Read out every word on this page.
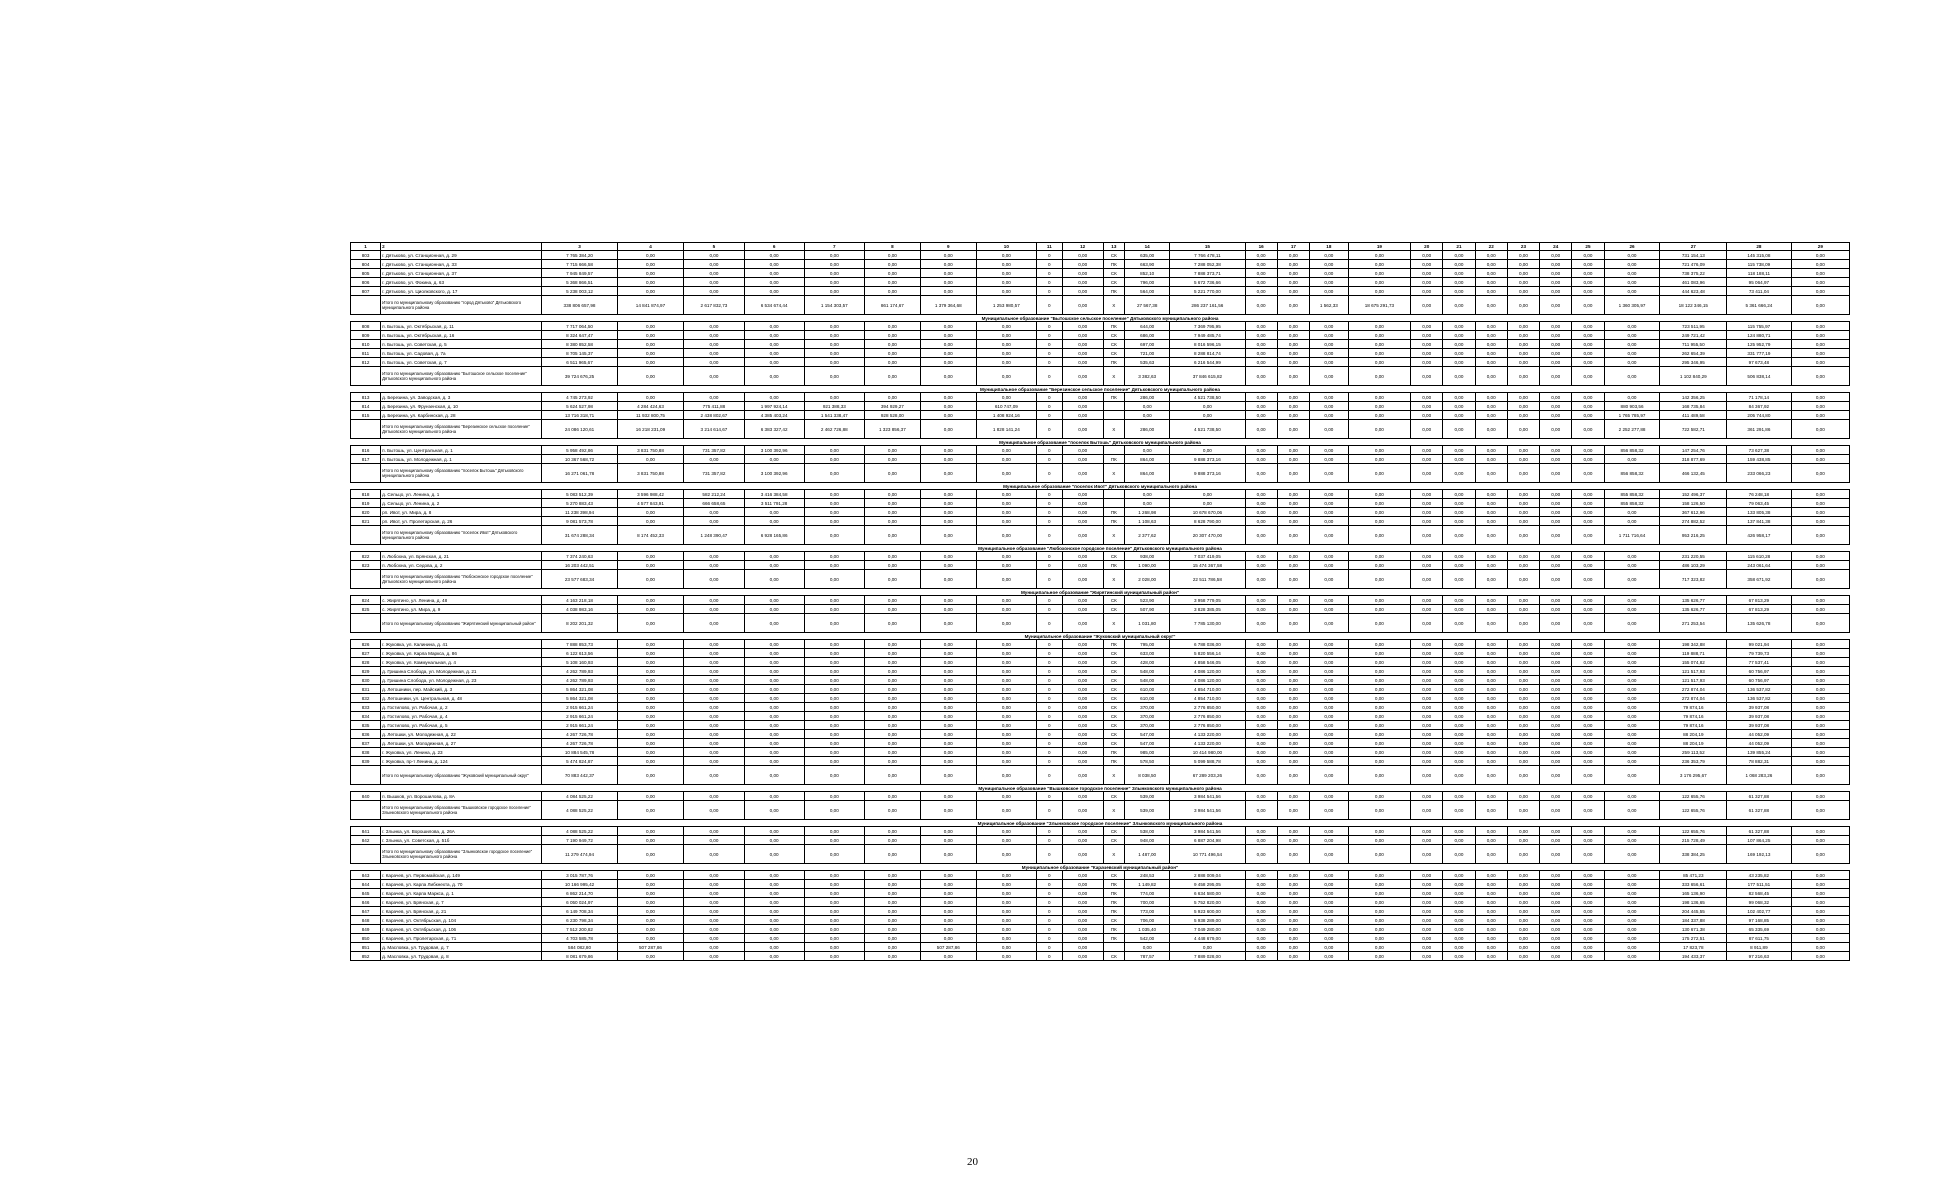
1	2	3	4	5	6	7	8	9	10	11	12	13	14	15	16	17	18	19	20	21	22	23	24	25	26	27	28	29
803	г. Дятьково, ул. Станционная, д. 29	7 765 384,20	0,00	0,00	0,00	0,00	0,00	0,00	0,00	0	0,00	СК	635,00	7 766 478,11	0,00	0,00	0,00	0,00	0,00	0,00	0,00	0,00	0,00	0,00	0,00	731 154,13	145 315,08	0,00
804	г. Дятьково, ул. Станционная, д. 33	7 715 666,58	0,00	0,00	0,00	0,00	0,00	0,00	0,00	0	0,00	ПК	663,90	7 288 052,38	0,00	0,00	0,00	0,00	0,00	0,00	0,00	0,00	0,00	0,00	0,00	721 476,09	115 738,09	0,00
805	г. Дятьково, ул. Станционная, д. 37	7 945 849,57	0,00	0,00	0,00	0,00	0,00	0,00	0,00	0	0,00	СК	852,10	7 888 373,71	0,00	0,00	0,00	0,00	0,00	0,00	0,00	0,00	0,00	0,00	0,00	738 375,22	118 188,11	0,00
806	г. Дятьково, ул. Фокина, д. 63	5 368 866,51	0,00	0,00	0,00	0,00	0,00	0,00	0,00	0	0,00	СК	796,00	5 672 736,66	0,00	0,00	0,00	0,00	0,00	0,00	0,00	0,00	0,00	0,00	0,00	461 083,96	95 064,97	0,00
807	г. Дятьково, ул. Циолковского, д. 17	5 238 003,12	0,00	0,00	0,00	0,00	0,00	0,00	0,00	0	0,00	ПК	564,00	5 221 770,00	0,00	0,00	0,00	0,00	0,00	0,00	0,00	0,00	0,00	0,00	0,00	444 623,48	73 411,04	0,00
	Итого по муниципальному образованию "город Дятьково" Дятьковского муниципального района	338 806 657,98	14 841 874,97	2 617 832,73	6 534 674,44	1 154 303,57	861 174,67	1 379 364,68	1 253 980,57	0	0,00	Х	27 567,38	286 237 161,56	0,00	0,00	1 562,33	18 675 291,73	0,00	0,00	0,00	0,00	0,00	0,00	1 360 305,97	18 122 346,15	5 361 666,24	0,00
Муниципальное образование "Бытошское сельское поселение" Дятьковского муниципального района																												
808	п. Бытошь, ул. Октябрьская, д. 11	7 717 064,50	0,00	0,00	0,00	0,00	0,00	0,00	0,00	0	0,00	ПК	644,00	7 369 795,95	0,00	0,00	0,00	0,00	0,00	0,00	0,00	0,00	0,00	0,00	0,00	723 511,95	115 755,97	0,00
809	п. Бытошь, ул. Октябрьская, д. 16	8 324 647,47	0,00	0,00	0,00	0,00	0,00	0,00	0,00	0	0,00	СК	686,00	7 949 485,74	0,00	0,00	0,00	0,00	0,00	0,00	0,00	0,00	0,00	0,00	0,00	249 721,42	124 880,71	0,00
810	п. Бытошь, ул. Советская, д. 5	8 380 852,58	0,00	0,00	0,00	0,00	0,00	0,00	0,00	0	0,00	СК	697,00	8 016 596,15	0,00	0,00	0,00	0,00	0,00	0,00	0,00	0,00	0,00	0,00	0,00	711 955,50	125 952,79	0,00
811	п. Бытошь, ул. Садовая, д. 7а	8 705 145,37	0,00	0,00	0,00	0,00	0,00	0,00	0,00	0	0,00	СК	721,00	8 288 814,74	0,00	0,00	0,00	0,00	0,00	0,00	0,00	0,00	0,00	0,00	0,00	262 654,39	331 777,19	0,00
812	п. Бытошь, ул. Советская, д. 7	6 511 965,67	0,00	0,00	0,00	0,00	0,00	0,00	0,00	0	0,00	ПК	535,63	6 216 544,99	0,00	0,00	0,00	0,00	0,00	0,00	0,00	0,00	0,00	0,00	0,00	295 346,95	97 673,48	0,00
	Итого по муниципальному образованию "Бытошское сельское поселение" Дятьковского муниципального района	39 724 676,25	0,00	0,00	0,00	0,00	0,00	0,00	0,00	0	0,00	Х	3 382,63	37 846 615,82	0,00	0,00	0,00	0,00	0,00	0,00	0,00	0,00	0,00	0,00	0,00	1 102 840,29	506 838,14	0,00
Муниципальное образование "Березинское сельское поселение" Дятьковского муниципального района																												
813	д. Березина, ул. Заводская, д. 3	4 745 273,92	0,00	0,00	0,00	0,00	0,00	0,00	0,00	0	0,00	ПК	286,00	4 521 738,50	0,00	0,00	0,00	0,00	0,00	0,00	0,00	0,00	0,00	0,00	0,00	142 356,25	71 178,14	0,00
814	д. Березина, ул. Фрунзенская, д. 10	5 624 527,98	4 284 424,63	775 411,88	1 997 924,14	921 388,33	394 929,27	0,00	610 747,09	0	0,00		0,00	0,00	0,00	0,00	0,00	0,00	0,00	0,00	0,00	0,00	0,00	0,00	880 903,56	168 735,84	84 367,92	0,00
815	д. Березина, ул. Карбинская, д. 28	13 716 318,71	11 932 800,75	2 438 802,67	4 385 403,24	1 541 338,47	928 528,00	0,00	1 408 924,16	0	0,00		0,00	0,00	0,00	0,00	0,00	0,00	0,00	0,00	0,00	0,00	0,00	0,00	1 765 785,97	411 489,58	205 744,80	0,00
	Итого по муниципальному образованию "Березинское сельское поселение" Дятьковского муниципального района	24 086 120,61	16 218 231,09	3 214 614,67	6 383 327,42	2 462 726,88	1 323 856,37	0,00	1 828 141,24	0	0,00	Х	286,00	4 521 738,50	0,00	0,00	0,00	0,00	0,00	0,00	0,00	0,00	0,00	0,00	2 252 277,88	722 582,71	361 291,86	0,00
Муниципальное образование "поселок Бытошь" Дятьковского муниципального района																												
816	п. Бытошь, ул. Центральная, д. 1	5 958 492,86	3 831 750,88	731 357,82	3 100 392,96	0,00	0,00	0,00	0,00	0	0,00		0,00	0,00	0,00	0,00	0,00	0,00	0,00	0,00	0,00	0,00	0,00	0,00	856 858,32	147 254,76	73 627,38	0,00
817	п. Бытошь, ул. Молодежная, д. 1	10 367 568,72	0,00	0,00	0,00	0,00	0,00	0,00	0,00	0	0,00	ПК	864,00	9 888 373,16	0,00	0,00	0,00	0,00	0,00	0,00	0,00	0,00	0,00	0,00	0,00	318 877,69	159 438,85	0,00
	Итого по муниципальному образованию "поселок Бытошь" Дятьковского муниципального района	16 271 061,78	3 831 750,88	731 357,82	3 100 392,96	0,00	0,00	0,00	0,00	0	0,00	Х	864,00	9 888 373,16	0,00	0,00	0,00	0,00	0,00	0,00	0,00	0,00	0,00	0,00	856 858,32	466 132,45	233 066,23	0,00
Муниципальное образование "поселок Ивот" Дятьковского муниципального района																												
818	д. Сельцо, ул. Ленина, д. 1	5 083 512,39	3 596 988,42	582 212,24	3 416 384,58	0,00	0,00	0,00	0,00	0	0,00		0,00	0,00	0,00	0,00	0,00	0,00	0,00	0,00	0,00	0,00	0,00	0,00	855 858,32	152 496,37	76 248,18	0,00
819	д. Сельцо, ул. Ленина, д. 2	5 270 883,43	4 577 843,91	666 658,65	3 511 791,28	0,00	0,00	0,00	0,00	0	0,00		0,00	0,00	0,00	0,00	0,00	0,00	0,00	0,00	0,00	0,00	0,00	0,00	855 858,32	158 126,50	79 063,45	0,00
820	рп. Ивот, ул. Мира, д. 8	11 238 398,94	0,00	0,00	0,00	0,00	0,00	0,00	0,00	0	0,00	ПК	1 268,98	10 678 670,06	0,00	0,00	0,00	0,00	0,00	0,00	0,00	0,00	0,00	0,00	0,00	367 612,96	133 805,38	0,00
821	рп. Ивот, ул. Пролетарская, д. 26	9 081 573,78	0,00	0,00	0,00	0,00	0,00	0,00	0,00	0	0,00	ПК	1 108,63	8 628 790,00	0,00	0,00	0,00	0,00	0,00	0,00	0,00	0,00	0,00	0,00	0,00	274 882,52	137 841,38	0,00
	Итого по муниципальному образованию "поселок Ивот" Дятьковского муниципального района	31 674 288,34	8 174 452,33	1 248 390,47	6 928 165,86	0,00	0,00	0,00	0,00	0	0,00	Х	2 377,62	20 307 470,00	0,00	0,00	0,00	0,00	0,00	0,00	0,00	0,00	0,00	0,00	1 711 716,64	953 216,25	426 958,17	0,00
Муниципальное образование "Любохонское городское поселение" Дятьковского муниципального района																												
822	п. Любохна, ул. Брянская, д. 21	7 374 240,63	0,00	0,00	0,00	0,00	0,00	0,00	0,00	0	0,00	СК	938,00	7 037 419,05	0,00	0,00	0,00	0,00	0,00	0,00	0,00	0,00	0,00	0,00	0,00	231 220,55	115 610,28	0,00
823	п. Любохна, ул. Седова, д. 2	16 203 442,51	0,00	0,00	0,00	0,00	0,00	0,00	0,00	0	0,00	ПК	1 090,00	15 474 367,58	0,00	0,00	0,00	0,00	0,00	0,00	0,00	0,00	0,00	0,00	0,00	486 103,29	243 061,64	0,00
	Итого по муниципальному образованию "Любохонское городское поселение" Дятьковского муниципального района	23 577 683,34	0,00	0,00	0,00	0,00	0,00	0,00	0,00	0	0,00	Х	2 028,00	22 511 786,58	0,00	0,00	0,00	0,00	0,00	0,00	0,00	0,00	0,00	0,00	0,00	717 323,82	358 671,92	0,00
Муниципальное образование "Жирятинский муниципальный район"																												
824	с. Жирятино, ул. Ленина, д. 48	4 163 218,18	0,00	0,00	0,00	0,00	0,00	0,00	0,00	0	0,00	СК	523,90	3 958 779,05	0,00	0,00	0,00	0,00	0,00	0,00	0,00	0,00	0,00	0,00	0,00	135 626,77	67 813,29	0,00
825	с. Жирятино, ул. Мира, д. 9	4 038 983,16	0,00	0,00	0,00	0,00	0,00	0,00	0,00	0	0,00	СК	507,90	3 828 385,05	0,00	0,00	0,00	0,00	0,00	0,00	0,00	0,00	0,00	0,00	0,00	135 626,77	67 813,29	0,00
	Итого по муниципальному образованию "Жирятинский муниципальный район"	8 202 201,32	0,00	0,00	0,00	0,00	0,00	0,00	0,00	0	0,00	Х	1 031,80	7 785 130,00	0,00	0,00	0,00	0,00	0,00	0,00	0,00	0,00	0,00	0,00	0,00	271 253,54	135 626,78	0,00
Муниципальное образование "Жуковский муниципальный округ"																												
826	г. Жуковка, ул. Калинина, д. 41	7 888 853,73	0,00	0,00	0,00	0,00	0,00	0,00	0,00	0	0,00	ПК	795,00	6 788 036,00	0,00	0,00	0,00	0,00	0,00	0,00	0,00	0,00	0,00	0,00	0,00	198 342,88	99 021,94	0,00
827	г. Жуковка, ул. Карла Маркса, д. 86	6 122 613,56	0,00	0,00	0,00	0,00	0,00	0,00	0,00	0	0,00	СК	633,00	5 820 556,14	0,00	0,00	0,00	0,00	0,00	0,00	0,00	0,00	0,00	0,00	0,00	119 888,71	79 739,73	0,00
828	г. Жуковка, ул. Коммунальная, д. 4	5 108 160,93	0,00	0,00	0,00	0,00	0,00	0,00	0,00	0	0,00	СК	428,00	4 858 546,05	0,00	0,00	0,00	0,00	0,00	0,00	0,00	0,00	0,00	0,00	0,00	155 074,82	77 537,41	0,00
829	д. Гришина Слобода, ул. Молодежная, д. 21	4 262 789,93	0,00	0,00	0,00	0,00	0,00	0,00	0,00	0	0,00	СК	548,00	4 086 120,00	0,00	0,00	0,00	0,00	0,00	0,00	0,00	0,00	0,00	0,00	0,00	121 517,93	60 756,97	0,00
830	д. Гришина Слобода, ул. Молодежная, д. 23	4 262 789,93	0,00	0,00	0,00	0,00	0,00	0,00	0,00	0	0,00	СК	548,00	4 086 120,00	0,00	0,00	0,00	0,00	0,00	0,00	0,00	0,00	0,00	0,00	0,00	121 517,93	60 756,97	0,00
831	д. Летошники, пер. Майский, д. 3	5 864 321,08	0,00	0,00	0,00	0,00	0,00	0,00	0,00	0	0,00	СК	610,00	4 854 710,00	0,00	0,00	0,00	0,00	0,00	0,00	0,00	0,00	0,00	0,00	0,00	272 874,04	136 537,82	0,00
832	д. Летошники, ул. Центральная, д. 48	5 864 321,08	0,00	0,00	0,00	0,00	0,00	0,00	0,00	0	0,00	СК	610,00	4 854 710,00	0,00	0,00	0,00	0,00	0,00	0,00	0,00	0,00	0,00	0,00	0,00	272 874,04	136 537,82	0,00
833	д. Гостилово, ул. Рабочая, д. 2	2 915 661,24	0,00	0,00	0,00	0,00	0,00	0,00	0,00	0	0,00	СК	370,00	2 776 850,00	0,00	0,00	0,00	0,00	0,00	0,00	0,00	0,00	0,00	0,00	0,00	79 874,16	39 937,08	0,00
834	д. Гостилово, ул. Рабочая, д. 4	2 915 661,24	0,00	0,00	0,00	0,00	0,00	0,00	0,00	0	0,00	СК	370,00	2 776 850,00	0,00	0,00	0,00	0,00	0,00	0,00	0,00	0,00	0,00	0,00	0,00	79 874,16	39 937,08	0,00
835	д. Гостилово, ул. Рабочая, д. 5	2 915 661,24	0,00	0,00	0,00	0,00	0,00	0,00	0,00	0	0,00	СК	370,00	2 776 850,00	0,00	0,00	0,00	0,00	0,00	0,00	0,00	0,00	0,00	0,00	0,00	79 874,16	39 937,08	0,00
836	д. Летошки, ул. Молодежная, д. 22	4 267 726,78	0,00	0,00	0,00	0,00	0,00	0,00	0,00	0	0,00	СК	547,00	4 133 220,00	0,00	0,00	0,00	0,00	0,00	0,00	0,00	0,00	0,00	0,00	0,00	88 204,19	44 052,09	0,00
837	д. Летошки, ул. Молодежная, д. 27	4 267 726,78	0,00	0,00	0,00	0,00	0,00	0,00	0,00	0	0,00	СК	547,00	4 133 220,00	0,00	0,00	0,00	0,00	0,00	0,00	0,00	0,00	0,00	0,00	0,00	88 204,19	44 052,09	0,00
838	г. Жуковка, ул. Ленина, д. 23	10 884 545,78	0,00	0,00	0,00	0,00	0,00	0,00	0,00	0	0,00	ПК	985,00	10 414 980,00	0,00	0,00	0,00	0,00	0,00	0,00	0,00	0,00	0,00	0,00	0,00	259 113,52	139 855,24	0,00
839	г. Жуковка, пр-т Ленина, д. 124	5 474 824,87	0,00	0,00	0,00	0,00	0,00	0,00	0,00	0	0,00	ПК	578,50	5 099 588,78	0,00	0,00	0,00	0,00	0,00	0,00	0,00	0,00	0,00	0,00	0,00	236 353,79	78 882,31	0,00
	Итого по муниципальному образованию "Жуковский муниципальный округ"	70 883 442,37	0,00	0,00	0,00	0,00	0,00	0,00	0,00	0	0,00	Х	8 038,50	67 289 203,26	0,00	0,00	0,00	0,00	0,00	0,00	0,00	0,00	0,00	0,00	0,00	3 176 295,67	1 068 283,26	0,00
Муниципальное образование "Вышковское городское поселение" Злынковского муниципального района																												
840	п. Вышков, ул. Ворошилова, д. 8А	4 084 525,22	0,00	0,00	0,00	0,00	0,00	0,00	0,00	0	0,00	СК	539,00	3 984 541,56	0,00	0,00	0,00	0,00	0,00	0,00	0,00	0,00	0,00	0,00	0,00	122 655,76	61 327,88	0,00
	Итого по муниципальному образованию "Вышковское городское поселение" Злынковского муниципального района	4 088 525,22	0,00	0,00	0,00	0,00	0,00	0,00	0,00	0	0,00	Х	539,00	3 984 541,56	0,00	0,00	0,00	0,00	0,00	0,00	0,00	0,00	0,00	0,00	0,00	122 655,76	61 327,88	0,00
Муниципальное образование "Злынковское городское поселение" Злынковского муниципального района																												
841	г. Злынка, ул. Ворошилова, д. 26А	4 088 525,22	0,00	0,00	0,00	0,00	0,00	0,00	0,00	0	0,00	СК	538,00	3 984 541,56	0,00	0,00	0,00	0,00	0,00	0,00	0,00	0,00	0,00	0,00	0,00	122 655,76	61 327,88	0,00
842	г. Злынка, ул. Советская, д. 51б	7 190 949,72	0,00	0,00	0,00	0,00	0,00	0,00	0,00	0	0,00	СК	948,00	6 887 204,98	0,00	0,00	0,00	0,00	0,00	0,00	0,00	0,00	0,00	0,00	0,00	215 728,49	107 864,25	0,00
	Итого по муниципальному образованию "Злынковское городское поселение" Злынковского муниципального района	11 279 474,94	0,00	0,00	0,00	0,00	0,00	0,00	0,00	0	0,00	Х	1 487,00	10 771 496,54	0,00	0,00	0,00	0,00	0,00	0,00	0,00	0,00	0,00	0,00	0,00	338 384,25	169 192,13	0,00
Муниципальное образование "Карачевский муниципальный район"																												
843	г. Карачев, ул. Первомайская, д. 149	3 015 787,76	0,00	0,00	0,00	0,00	0,00	0,00	0,00	0	0,00	СК	248,53	2 888 009,04	0,00	0,00	0,00	0,00	0,00	0,00	0,00	0,00	0,00	0,00	0,00	85 471,23	43 235,82	0,00
844	г. Карачев, ул. Карла Либкнехта, д. 70	10 166 995,42	0,00	0,00	0,00	0,00	0,00	0,00	0,00	0	0,00	ПК	1 149,82	9 458 295,05	0,00	0,00	0,00	0,00	0,00	0,00	0,00	0,00	0,00	0,00	0,00	333 656,61	177 511,51	0,00
845	г. Карачев, ул. Карла Маркса, д. 1	6 862 214,70	0,00	0,00	0,00	0,00	0,00	0,00	0,00	0	0,00	ПК	774,00	6 634 580,00	0,00	0,00	0,00	0,00	0,00	0,00	0,00	0,00	0,00	0,00	0,00	165 136,90	82 568,45	0,00
846	г. Карачев, ул. Брянская, д. 7	6 050 024,97	0,00	0,00	0,00	0,00	0,00	0,00	0,00	0	0,00	ПК	700,00	5 752 820,00	0,00	0,00	0,00	0,00	0,00	0,00	0,00	0,00	0,00	0,00	0,00	198 136,65	99 068,32	0,00
847	г. Карачев, ул. Брянская, д. 21	6 149 708,34	0,00	0,00	0,00	0,00	0,00	0,00	0,00	0	0,00	ПК	773,00	5 923 600,00	0,00	0,00	0,00	0,00	0,00	0,00	0,00	0,00	0,00	0,00	0,00	204 445,55	102 402,77	0,00
848	г. Карачев, ул. Октябрьская, д. 104	6 230 798,34	0,00	0,00	0,00	0,00	0,00	0,00	0,00	0	0,00	СК	706,00	5 938 289,00	0,00	0,00	0,00	0,00	0,00	0,00	0,00	0,00	0,00	0,00	0,00	184 337,88	97 168,85	0,00
849	г. Карачев, ул. Октябрьская, д. 106	7 512 200,82	0,00	0,00	0,00	0,00	0,00	0,00	0,00	0	0,00	ПК	1 035,40	7 049 280,00	0,00	0,00	0,00	0,00	0,00	0,00	0,00	0,00	0,00	0,00	0,00	130 671,38	65 335,69	0,00
850	г. Карачев, ул. Пролетарская, д. 71	4 703 585,78	0,00	0,00	0,00	0,00	0,00	0,00	0,00	0	0,00	ПК	542,00	4 448 679,00	0,00	0,00	0,00	0,00	0,00	0,00	0,00	0,00	0,00	0,00	0,00	175 272,51	87 611,75	0,00
851	д. Масловка, ул. Трудовая, д. 7	584 082,80	507 287,86	0,00	0,00	0,00	0,00	507 287,86	0,00	0	0,00		0,00	0,00	0,00	0,00	0,00	0,00	0,00	0,00	0,00	0,00	0,00	0,00	0,00	17 823,78	8 911,89	0,00
852	д. Масловка, ул. Трудовая, д. 8	8 081 679,86	0,00	0,00	0,00	0,00	0,00	0,00	0,00	0	0,00	СК	787,57	7 889 028,00	0,00	0,00	0,00	0,00	0,00	0,00	0,00	0,00	0,00	0,00	0,00	194 433,37	97 216,63	0,00
20
